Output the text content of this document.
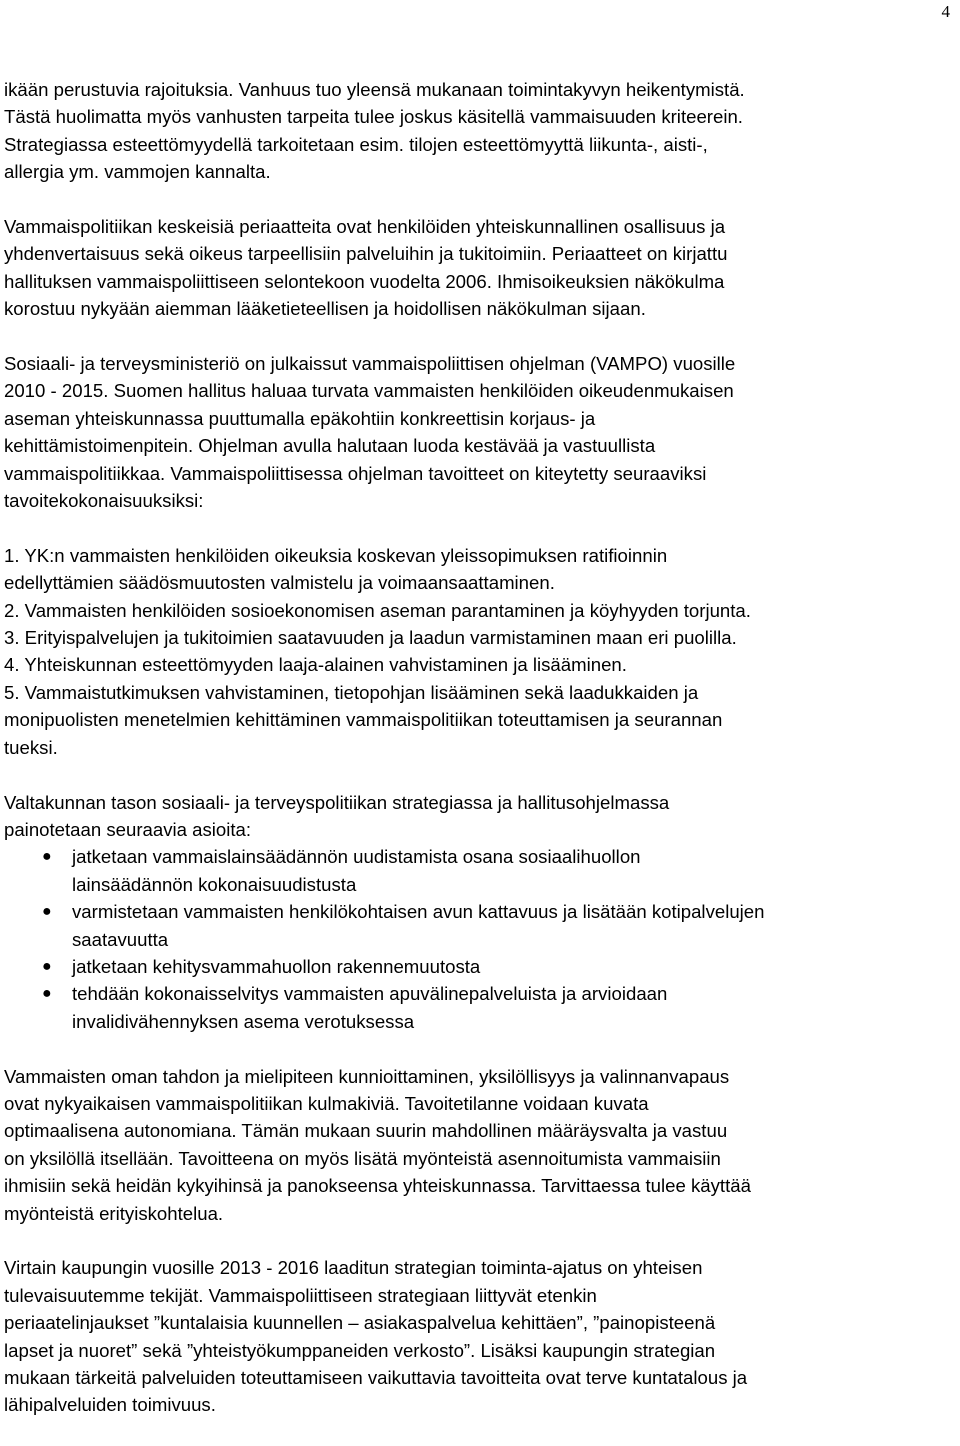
4

ikään perustuvia rajoituksia. Vanhuus tuo yleensä mukanaan toimintakyvyn heikentymistä.
Tästä huolimatta myös vanhusten tarpeita tulee joskus käsitellä vammaisuuden kriteerein.
Strategiassa esteettömyydellä tarkoitetaan esim. tilojen esteettömyyttä liikunta-, aisti-,
allergia ym. vammojen kannalta.

Vammaispolitiikan keskeisiä periaatteita ovat henkilöiden yhteiskunnallinen osallisuus ja
yhdenvertaisuus sekä oikeus tarpeellisiin palveluihin ja tukitoimiin. Periaatteet on kirjattu
hallituksen vammaispoliittiseen selontekoon vuodelta 2006. Ihmisoikeuksien näkökulma
korostuu nykyään aiemman lääketieteellisen ja hoidollisen näkökulman sijaan.

Sosiaali- ja terveysministeriö on julkaissut vammaispoliittisen ohjelman (VAMPO) vuosille
2010 - 2015. Suomen hallitus haluaa turvata vammaisten henkilöiden oikeudenmukaisen
aseman yhteiskunnassa puuttumalla epäkohtiin konkreettisin korjaus- ja
kehittämistoimenpitein. Ohjelman avulla halutaan luoda kestävää ja vastuullista
vammaispolitiikkaa. Vammaispoliittisessa ohjelman tavoitteet on kiteytetty seuraaviksi
tavoitekokonaisuuksiksi:

1. YK:n vammaisten henkilöiden oikeuksia koskevan yleissopimuksen ratifioinnin
edellyttämien säädösmuutosten valmistelu ja voimaansaattaminen.
2. Vammaisten henkilöiden sosioekonomisen aseman parantaminen ja köyhyyden torjunta.
3. Erityispalvelujen ja tukitoimien saatavuuden ja laadun varmistaminen maan eri puolilla.
4. Yhteiskunnan esteettömyyden laaja-alainen vahvistaminen ja lisääminen.
5. Vammaistutkimuksen vahvistaminen, tietopohjan lisääminen sekä laadukkaiden ja
monipuolisten menetelmien kehittäminen vammaispolitiikan toteuttamisen ja seurannan
tueksi.
Valtakunnan tason sosiaali- ja terveyspolitiikan strategiassa ja hallitusohjelmassa
painotetaan seuraavia asioita:
● jatketaan vammaislainsäädännön uudistamista osana sosiaalihuollon
lainsäädännön kokonaisuudistusta
● varmistetaan vammaisten henkilökohtaisen avun kattavuus ja lisätään kotipalvelujen
saatavuutta
● jatketaan kehitysvammahuollon rakennemuutosta
● tehdään kokonaisselvitys vammaisten apuvälinepalveluista ja arvioidaan
invalidivähennyksen asema verotuksessa

Vammaisten oman tahdon ja mielipiteen kunnioittaminen, yksilöllisyys ja valinnanvapaus
ovat nykyaikaisen vammaispolitiikan kulmakiviä. Tavoitetilanne voidaan kuvata
optimaalisena autonomiana. Tämän mukaan suurin mahdollinen määräysvalta ja vastuu
on yksilöllä itsellään. Tavoitteena on myös lisätä myönteistä asennoitumista vammaisiin
ihmisiin sekä heidän kykyihinsä ja panokseensa yhteiskunnassa. Tarvittaessa tulee käyttää
myönteistä erityiskohtelua.

Virtain kaupungin vuosille 2013 - 2016 laaditun strategian toiminta-ajatus on yhteisen
tulevaisuutemme tekijät. Vammaispoliittiseen strategiaan liittyvät etenkin
periaatelinjaukset ”kuntalaisia kuunnellen – asiakaspalvelua kehittäen”, ”painopisteenä
lapset ja nuoret” sekä ”yhteistyökumppaneiden verkosto”. Lisäksi kaupungin strategian
mukaan tärkeitä palveluiden toteuttamiseen vaikuttavia tavoitteita ovat terve kuntatalous ja
lähipalveluiden toimivuus.
